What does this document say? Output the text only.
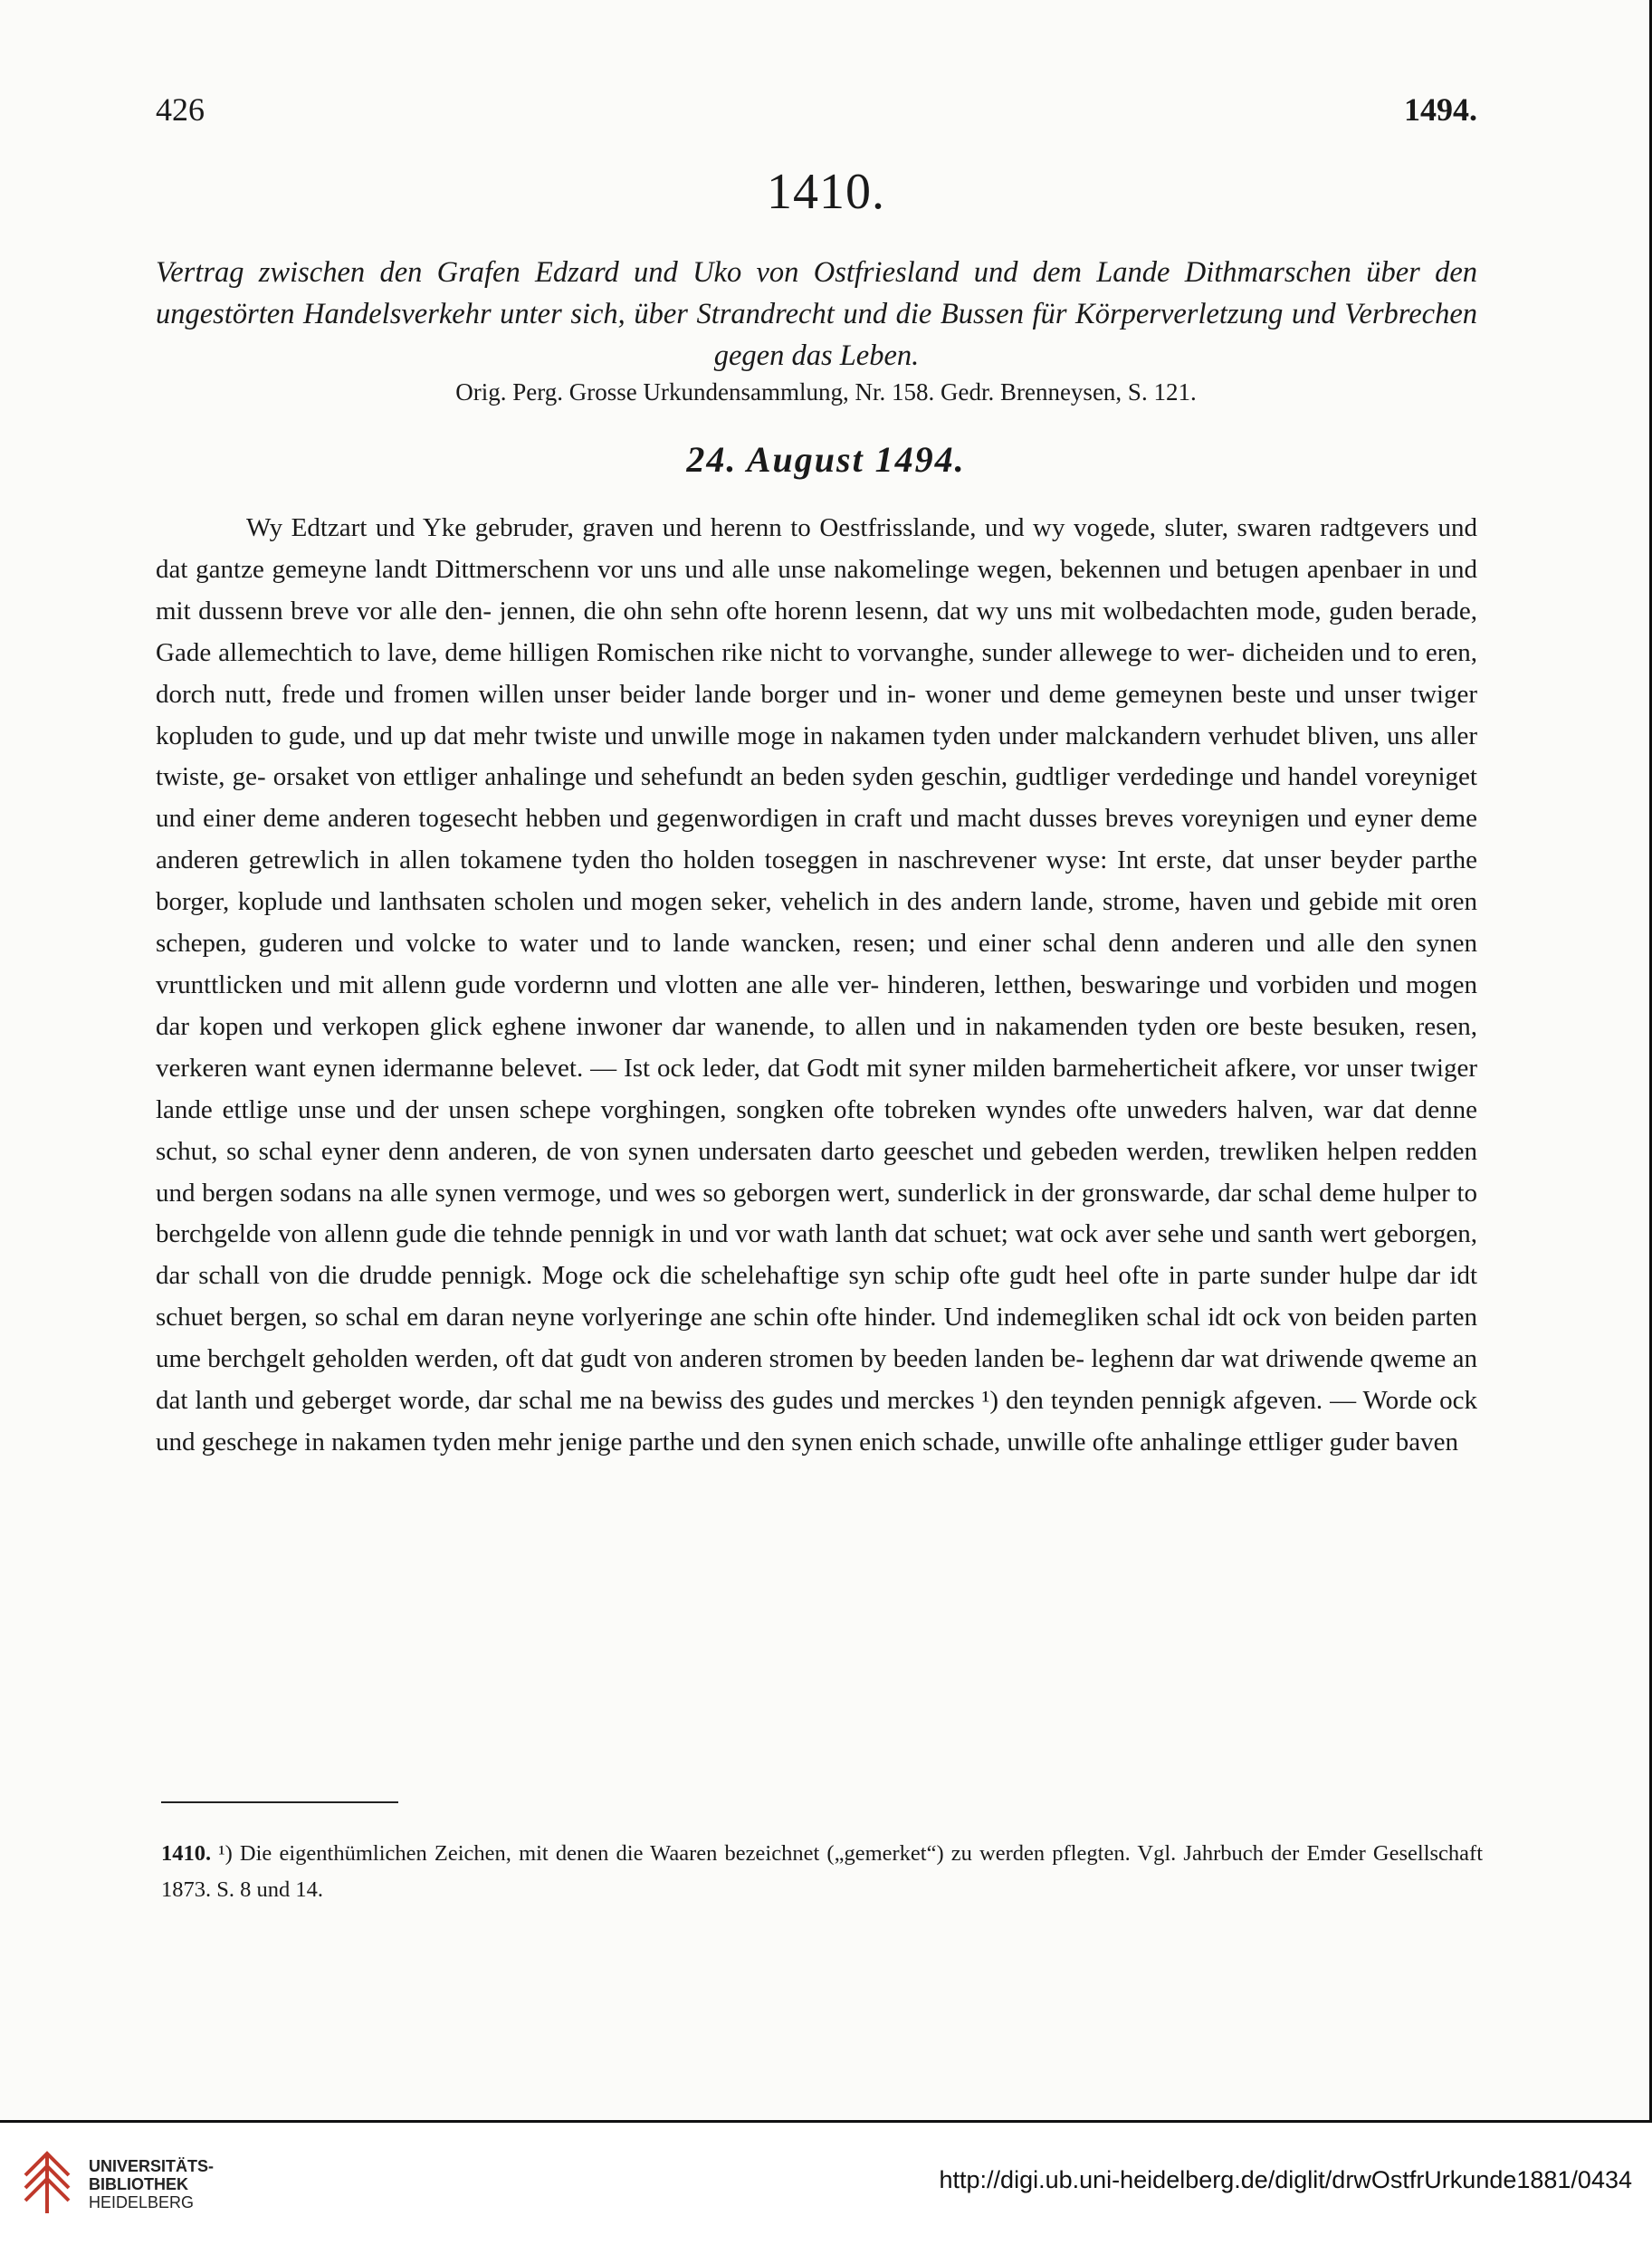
426	1494.
1410.
Vertrag zwischen den Grafen Edzard und Uko von Ostfriesland und dem Lande Dithmarschen über den ungestörten Handelsverkehr unter sich, über Strandrecht und die Bussen für Körperverletzung und Verbrechen gegen das Leben.
Orig. Perg. Grosse Urkundensammlung, Nr. 158. Gedr. Brenneysen, S. 121.
24. August 1494.

Wy Edtzart und Yke gebruder, graven und herenn to Oestfrisslande, und wy vogede, sluter, swaren radtgevers und dat gantze gemeyne landt Dittmerschenn vor uns und alle unse nakomelinge wegen, bekennen und betugen apenbaer in und mit dussenn breve vor alle den- jennen, die ohn sehn ofte horenn lesenn, dat wy uns mit wolbedachten mode, guden berade, Gade allemechtich to lave, deme hilligen Romischen rike nicht to vorvanghe, sunder allewege to wer- dicheiden und to eren, dorch nutt, frede und fromen willen unser beider lande borger und in- woner und deme gemeynen beste und unser twiger kopluden to gude, und up dat mehr twiste und unwille moge in nakamen tyden under malckandern verhudet bliven, uns aller twiste, ge- orsaket von ettliger anhalinge und sehefundt an beden syden geschin, gudtliger verdedinge und handel voreyniget und einer deme anderen togesecht hebben und gegenwordigen in craft und macht dusses breves voreynigen und eyner deme anderen getrewlich in allen tokamene tyden tho holden toseggen in naschrevener wyse: Int erste, dat unser beyder parthe borger, koplude und lanthsaten scholen und mogen seker, vehelich in des andern lande, strome, haven und gebide mit oren schepen, guderen und volcke to water und to lande wancken, resen; und einer schal denn anderen und alle den synen vrunttlicken und mit allenn gude vordernn und vlotten ane alle ver- hinderen, letthen, beswaringe und vorbiden und mogen dar kopen und verkopen glick eghene inwoner dar wanende, to allen und in nakamenden tyden ore beste besuken, resen, verkeren want eynen idermanne belevet. — Ist ock leder, dat Godt mit syner milden barmeherticheit afkere, vor unser twiger lande ettlige unse und der unsen schepe vorghingen, songken ofte tobreken wyndes ofte unweders halven, war dat denne schut, so schal eyner denn anderen, de von synen undersaten darto geeschet und gebeden werden, trewliken helpen redden und bergen sodans na alle synen vermoge, und wes so geborgen wert, sunderlick in der gronswarde, dar schal deme hulper to berchgelde von allenn gude die tehnde pennigk in und vor wath lanth dat schuet; wat ock aver sehe und santh wert geborgen, dar schall von die drudde pennigk. Moge ock die schelehaftige syn schip ofte gudt heel ofte in parte sunder hulpe dar idt schuet bergen, so schal em daran neyne vorlyeringe ane schin ofte hinder. Und indemegliken schal idt ock von beiden parten ume berchgelt geholden werden, oft dat gudt von anderen stromen by beeden landen be- leghenn dar wat driwende qweme an dat lanth und geberget worde, dar schal me na bewiss des gudes und merckes ¹) den teynden pennigk afgeven. — Worde ock und geschege in nakamen tyden mehr jenige parthe und den synen enich schade, unwille ofte anhalinge ettliger guder baven

1410. ¹) Die eigenthümlichen Zeichen, mit denen die Waaren bezeichnet („gemerket“) zu werden pflegten. Vgl. Jahrbuch der Emder Gesellschaft 1873. S. 8 und 14.
UNIVERSITÄTS-
BIBLIOTHEK
HEIDELBERG
http://digi.ub.uni-heidelberg.de/diglit/drwOstfrUrkunde1881/0434
